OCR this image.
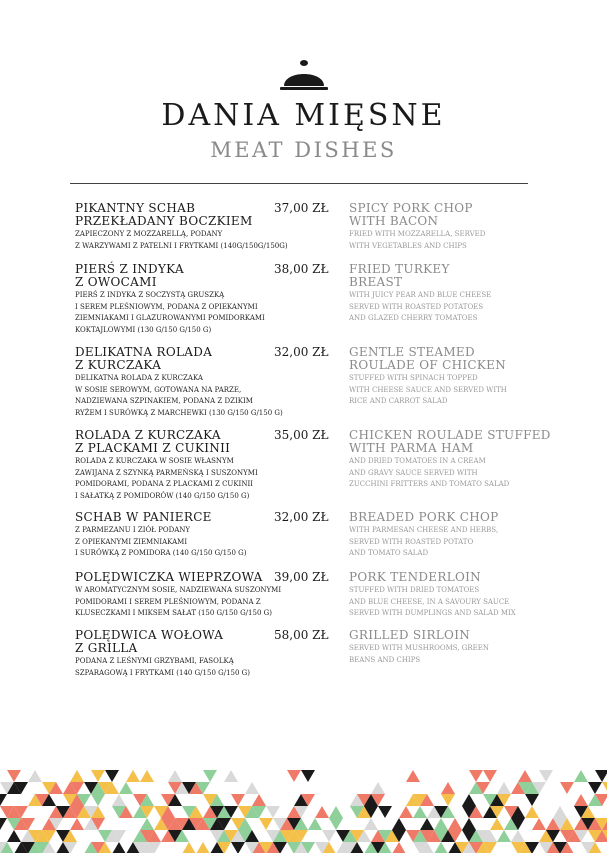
DANIA MIĘSNE
MEAT DISHES
PIKANTNY SCHAB
PRZEKŁADANY BOCZKIEM
ZAPIECZONY Z MOZZARELLĄ, PODANY
Z WARZYWAMI Z PATELNI I FRYTKAMI (140G/150G/150G)
37,00 ZŁ SPICY PORK CHOP
WITH BACON
FRIED WITH MOZZARELLA, SERVED
WITH VEGETABLES AND CHIPS
PIERŚ Z INDYKA
Z OWOCAMI
PIERŚ Z INDYKA Z SOCZYSTĄ GRUSZKĄ
I SEREM PLEŚNIOWYM, PODANA Z OPIEKANYMI
ZIEMNIAKAMI I GLAZUROWANYMI POMIDORKAMI
KOKTAJLOWYMI (130 G/150 G/150 G)
38,00 ZŁ FRIED TURKEY
BREAST
WITH JUICY PEAR AND BLUE CHEESE
SERVED WITH ROASTED POTATOES
AND GLAZED CHERRY TOMATOES
DELIKATNA ROLADA
Z KURCZAKA
DELIKATNA ROLADA Z KURCZAKA
W SOSIE SEROWYM, GOTOWANA NA PARZE,
NADZIEWANA SZPINAKIEM, PODANA Z DZIKIM
RYŻEM I SURÓWKĄ Z MARCHEWKI (130 G/150 G/150 G)
32,00 ZŁ GENTLE STEAMED
ROULADE OF CHICKEN
STUFFED WITH SPINACH TOPPED
WITH CHEESE SAUCE AND SERVED WITH
RICE AND CARROT SALAD
ROLADA Z KURCZAKA
Z PLACKAMI Z CUKINII
ROLADA Z KURCZAKA W SOSIE WŁASNYM
ZAWIJANA Z SZYNKĄ PARMEŃSKĄ I SUSZONYMI
POMIDORAMI, PODANA Z PLACKAMI Z CUKINII
I SAŁATKĄ Z POMIDORÓW (140 G/150 G/150 G)
35,00 ZŁ CHICKEN ROULADE STUFFED
WITH PARMA HAM
AND DRIED TOMATOES IN A CREAM
AND GRAVY SAUCE SERVED WITH
ZUCCHINI FRITTERS AND TOMATO SALAD
SCHAB W PANIERCE
Z PARMEZANU I ZIÓŁ PODANY
Z OPIEKANYMI ZIEMNIAKAMI
I SURÓWKĄ Z POMIDORA (140 G/150 G/150 G)
32,00 ZŁ BREADED PORK CHOP
WITH PARMESAN CHEESE AND HERBS,
SERVED WITH ROASTED POTATO
AND TOMATO SALAD
POLĘDWICZKA WIEPRZOWA
W AROMATYCZNYM SOSIE, NADZIEWANA SUSZONYMI
POMIDORAMI I SEREM PLEŚNIOWYM, PODANA Z
KLUSECZKAMI I MIKSEM SAŁAT (150 G/150 G/150 G)
39,00 ZŁ PORK TENDERLOIN
STUFFED WITH DRIED TOMATOES
AND BLUE CHEESE, IN A SAVOURY SAUCE
SERVED WITH DUMPLINGS AND SALAD MIX
POLĘDWICA WOŁOWA
Z GRILLA
PODANA Z LEŚNYMI GRZYBAMI, FASOLKĄ
SZPARAGOWĄ I FRYTKAMI (140 G/150 G/150 G)
58,00 ZŁ GRILLED SIRLOIN
SERVED WITH MUSHROOMS, GREEN
BEANS AND CHIPS
